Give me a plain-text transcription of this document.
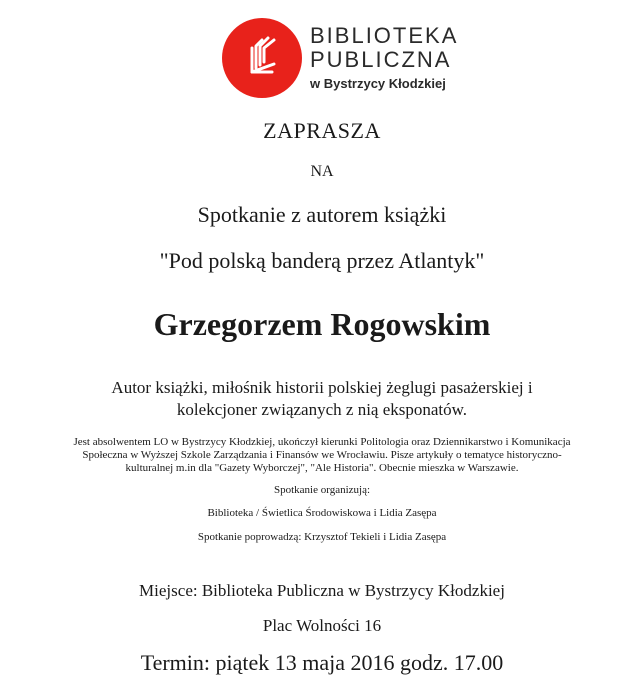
BIBLIOTEKA
PUBLICZNA
w Bystrzycy Kłodzkiej
ZAPRASZA
NA
Spotkanie z autorem książki
"Pod polską banderą przez Atlantyk"
Grzegorzem Rogowskim
Autor książki, miłośnik historii polskiej żeglugi pasażerskiej i
kolekcjoner związanych z nią eksponatów.
Jest absolwentem LO w Bystrzycy Kłodzkiej, ukończył kierunki Politologia oraz Dziennikarstwo i Komunikacja
Społeczna w Wyższej Szkole Zarządzania i Finansów we Wrocławiu. Pisze artykuły o tematyce historyczno-
kulturalnej m.in dla "Gazety Wyborczej", "Ale Historia". Obecnie mieszka w Warszawie.
Spotkanie organizują:
Biblioteka / Świetlica Środowiskowa i Lidia Zasępa
Spotkanie poprowadzą: Krzysztof Tekieli i Lidia Zasępa
Miejsce: Biblioteka Publiczna w Bystrzycy Kłodzkiej
Plac Wolności 16
Termin: piątek 13 maja 2016 godz. 17.00
